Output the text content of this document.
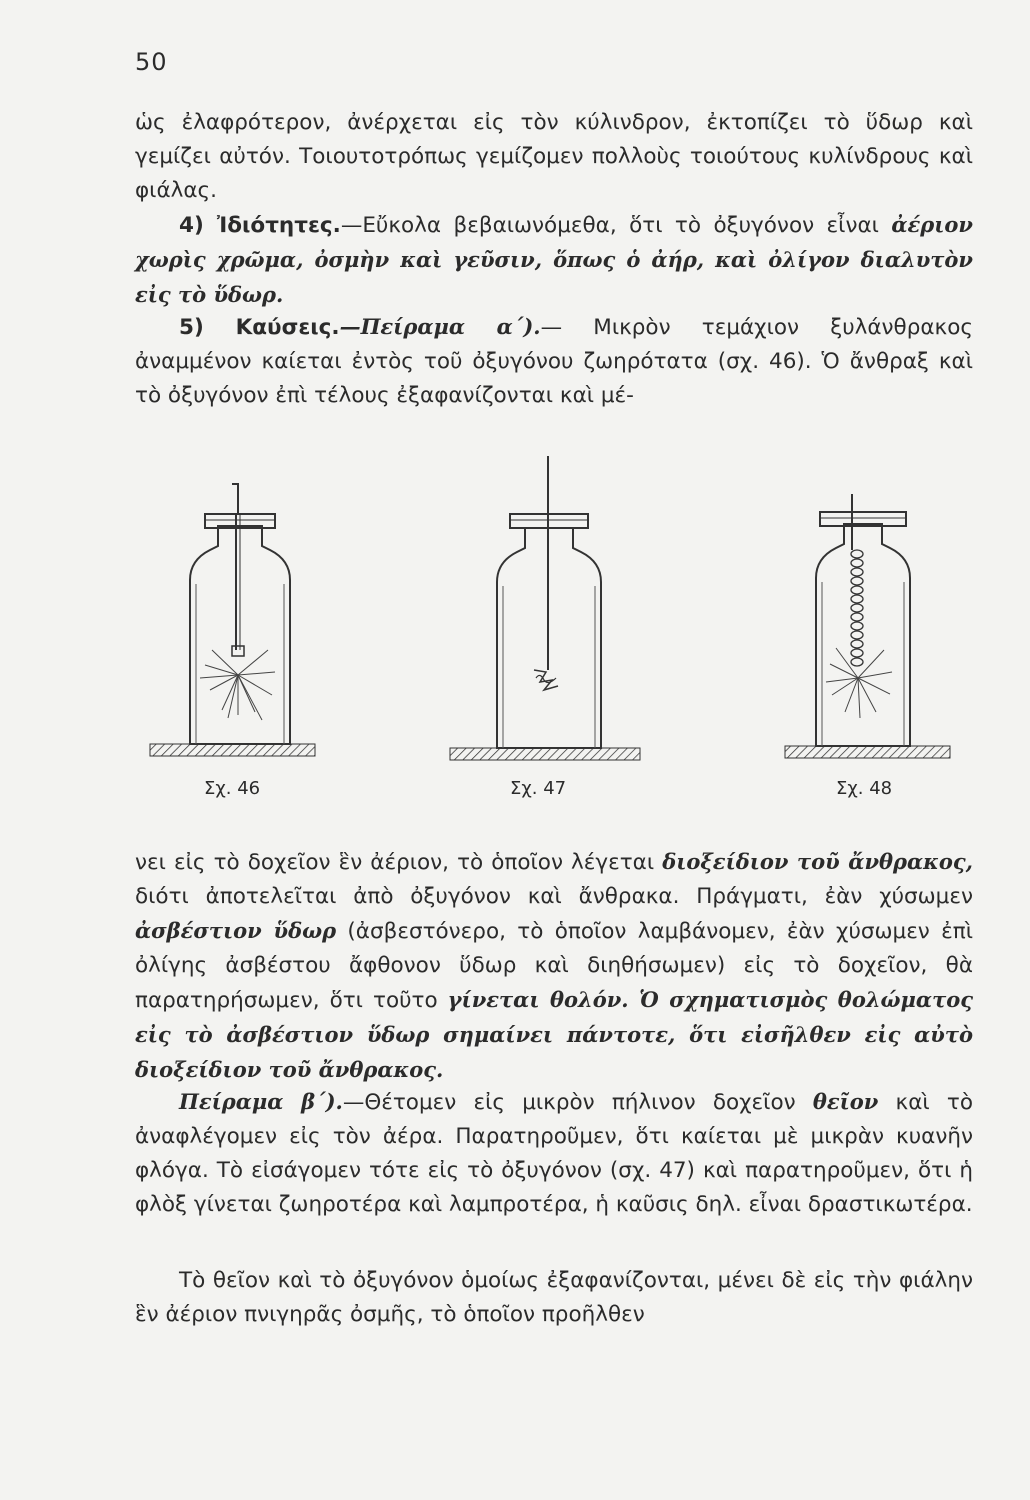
50

ὡς ἐλαφρότερον, ἀνέρχεται εἰς τὸν κύλινδρον, ἐκτοπίζει τὸ ὕδωρ καὶ γεμίζει αὐτόν. Τοιουτοτρόπως γεμίζομεν πολλοὺς τοιούτους κυλίνδρους καὶ φιάλας.

4) Ἰδιότητες.—Εὔκολα βεβαιωνόμεθα, ὅτι τὸ ὀξυγόνον εἶναι ἀέριον χωρὶς χρῶμα, ὀσμὴν καὶ γεῦσιν, ὅπως ὁ ἀήρ, καὶ ὀλίγον διαλυτὸν εἰς τὸ ὕδωρ.

5) Καύσεις.—Πείραμα α΄).— Μικρὸν τεμάχιον ξυλάνθρακος ἀναμμένον καίεται ἐντὸς τοῦ ὀξυγόνου ζωηρότατα (σχ. 46). Ὁ ἄνθραξ καὶ τὸ ὀξυγόνον ἐπὶ τέλους ἐξαφανίζονται καὶ μέ-

Σχ. 46	Σχ. 47	Σχ. 48

νει εἰς τὸ δοχεῖον ἓν ἀέριον, τὸ ὁποῖον λέγεται διοξείδιον τοῦ ἄνθρακος, διότι ἀποτελεῖται ἀπὸ ὀξυγόνον καὶ ἄνθρακα. Πράγματι, ἐὰν χύσωμεν ἀσβέστιον ὕδωρ (ἀσβεστόνερο, τὸ ὁποῖον λαμβάνομεν, ἐὰν χύσωμεν ἐπὶ ὀλίγης ἀσβέστου ἄφθονον ὕδωρ καὶ διηθήσωμεν) εἰς τὸ δοχεῖον, θὰ παρατηρήσωμεν, ὅτι τοῦτο γίνεται θολόν. Ὁ σχηματισμὸς θολώματος εἰς τὸ ἀσβέστιον ὕδωρ σημαίνει πάντοτε, ὅτι εἰσῆλθεν εἰς αὐτὸ διοξείδιον τοῦ ἄνθρακος.

Πείραμα β΄).—Θέτομεν εἰς μικρὸν πήλινον δοχεῖον θεῖον καὶ τὸ ἀναφλέγομεν εἰς τὸν ἀέρα. Παρατηροῦμεν, ὅτι καίεται μὲ μικρὰν κυανῆν φλόγα. Τὸ εἰσάγομεν τότε εἰς τὸ ὀξυγόνον (σχ. 47) καὶ παρατηροῦμεν, ὅτι ἡ φλὸξ γίνεται ζωηροτέρα καὶ λαμπροτέρα, ἡ καῦσις δηλ. εἶναι δραστικωτέρα.

Τὸ θεῖον καὶ τὸ ὀξυγόνον ὁμοίως ἐξαφανίζονται, μένει δὲ εἰς τὴν φιάλην ἓν ἀέριον πνιγηρᾶς ὀσμῆς, τὸ ὁποῖον προῆλθεν
